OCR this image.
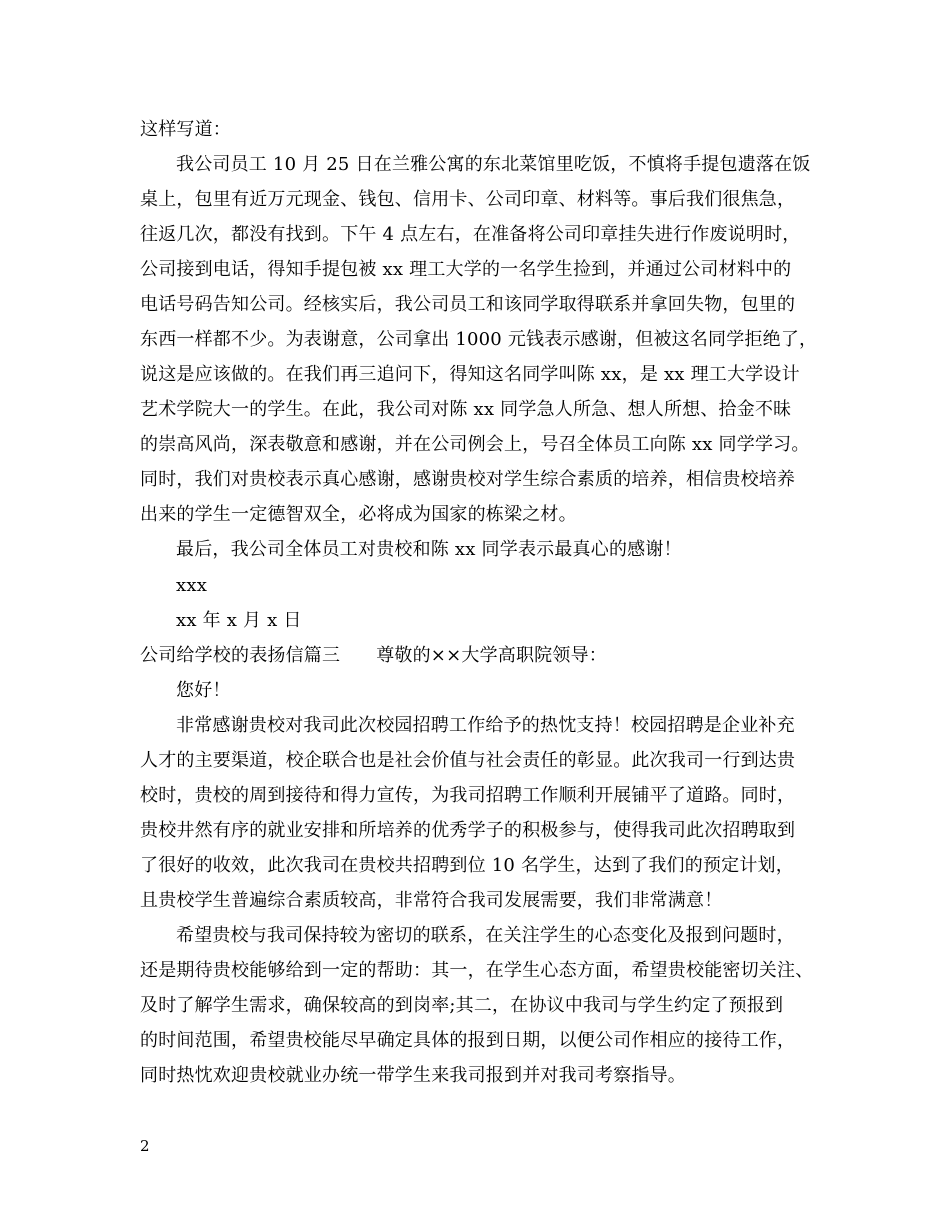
这样写道：
我公司员工 10 月 25 日在兰雅公寓的东北菜馆里吃饭，不慎将手提包遗落在饭
桌上，包里有近万元现金、钱包、信用卡、公司印章、材料等。事后我们很焦急，
往返几次，都没有找到。下午 4 点左右，在准备将公司印章挂失进行作废说明时，
公司接到电话，得知手提包被 xx 理工大学的一名学生捡到，并通过公司材料中的
电话号码告知公司。经核实后，我公司员工和该同学取得联系并拿回失物，包里的
东西一样都不少。为表谢意，公司拿出 1000 元钱表示感谢，但被这名同学拒绝了，
说这是应该做的。在我们再三追问下，得知这名同学叫陈 xx，是 xx 理工大学设计
艺术学院大一的学生。在此，我公司对陈 xx 同学急人所急、想人所想、拾金不昧
的崇高风尚，深表敬意和感谢，并在公司例会上，号召全体员工向陈 xx 同学学习。
同时，我们对贵校表示真心感谢，感谢贵校对学生综合素质的培养，相信贵校培养
出来的学生一定德智双全，必将成为国家的栋梁之材。
最后，我公司全体员工对贵校和陈 xx 同学表示最真心的感谢！
xxx
xx 年 x 月 x 日
公司给学校的表扬信篇三 尊敬的××大学高职院领导：
您好！
非常感谢贵校对我司此次校园招聘工作给予的热忱支持！校园招聘是企业补充
人才的主要渠道，校企联合也是社会价值与社会责任的彰显。此次我司一行到达贵
校时，贵校的周到接待和得力宣传，为我司招聘工作顺利开展铺平了道路。同时，
贵校井然有序的就业安排和所培养的优秀学子的积极参与，使得我司此次招聘取到
了很好的收效，此次我司在贵校共招聘到位 10 名学生，达到了我们的预定计划，
且贵校学生普遍综合素质较高，非常符合我司发展需要，我们非常满意！
希望贵校与我司保持较为密切的联系，在关注学生的心态变化及报到问题时，
还是期待贵校能够给到一定的帮助：其一，在学生心态方面，希望贵校能密切关注、
及时了解学生需求，确保较高的到岗率;其二，在协议中我司与学生约定了预报到
的时间范围，希望贵校能尽早确定具体的报到日期，以便公司作相应的接待工作，
同时热忱欢迎贵校就业办统一带学生来我司报到并对我司考察指导。
2
